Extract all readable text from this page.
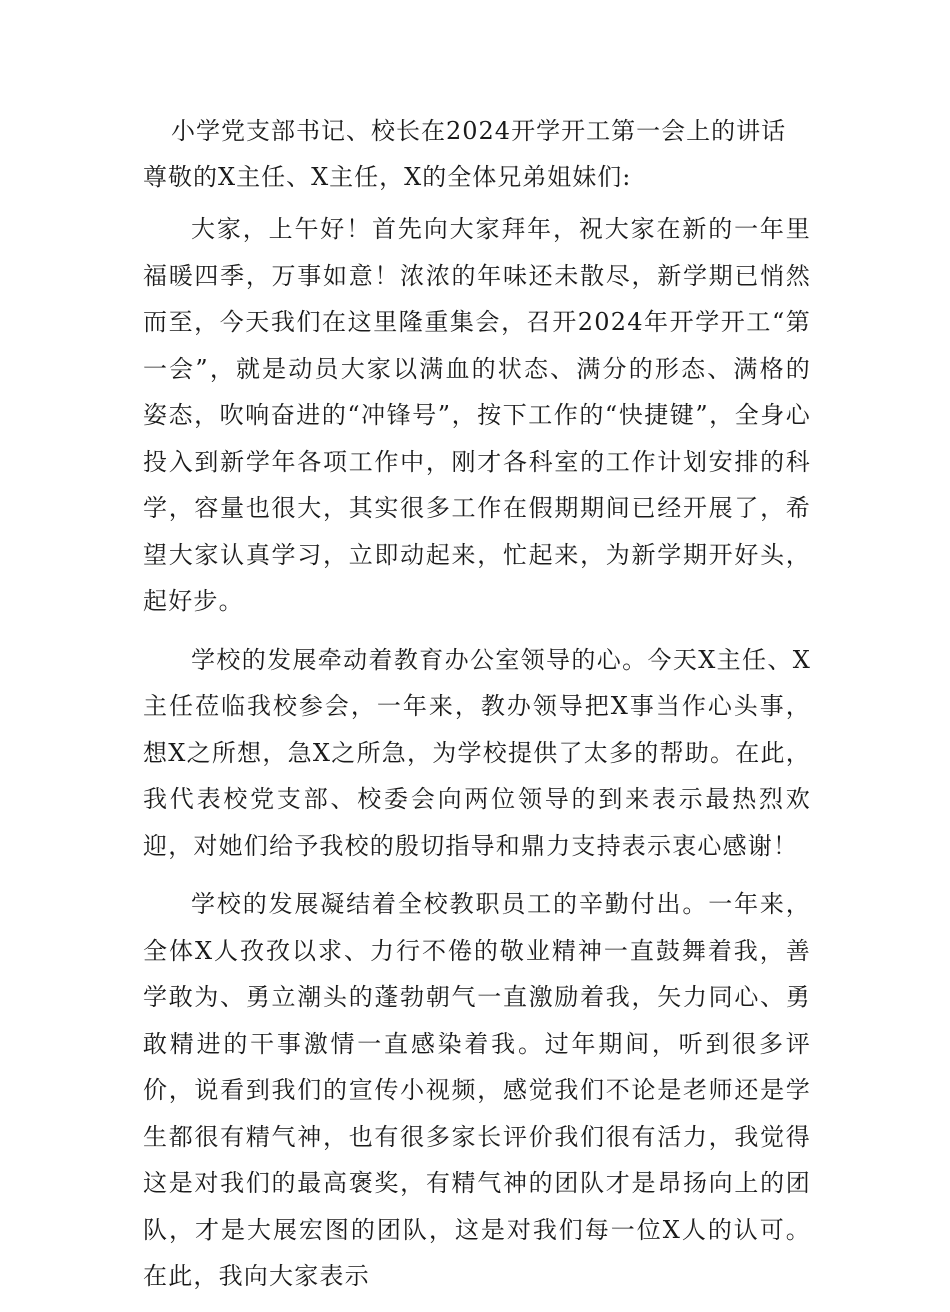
小学党支部书记、校长在2024开学开工第一会上的讲话

尊敬的X主任、X主任，X的全体兄弟姐妹们:

大家，上午好！首先向大家拜年，祝大家在新的一年里福暖四季，万事如意！浓浓的年味还未散尽，新学期已悄然而至，今天我们在这里隆重集会，召开2024年开学开工“第一会”，就是动员大家以满血的状态、满分的形态、满格的姿态，吹响奋进的“冲锋号”，按下工作的“快捷键”，全身心投入到新学年各项工作中，刚才各科室的工作计划安排的科学，容量也很大，其实很多工作在假期期间已经开展了，希望大家认真学习，立即动起来，忙起来，为新学期开好头，起好步。

学校的发展牵动着教育办公室领导的心。今天X主任、X主任莅临我校参会，一年来，教办领导把X事当作心头事，想X之所想，急X之所急，为学校提供了太多的帮助。在此，我代表校党支部、校委会向两位领导的到来表示最热烈欢迎，对她们给予我校的殷切指导和鼎力支持表示衷心感谢！

学校的发展凝结着全校教职员工的辛勤付出。一年来，全体X人孜孜以求、力行不倦的敬业精神一直鼓舞着我，善学敢为、勇立潮头的蓬勃朝气一直激励着我，矢力同心、勇敢精进的干事激情一直感染着我。过年期间，听到很多评价，说看到我们的宣传小视频，感觉我们不论是老师还是学生都很有精气神，也有很多家长评价我们很有活力，我觉得这是对我们的最高褒奖，有精气神的团队才是昂扬向上的团队，才是大展宏图的团队，这是对我们每一位X人的认可。在此，我向大家表示
